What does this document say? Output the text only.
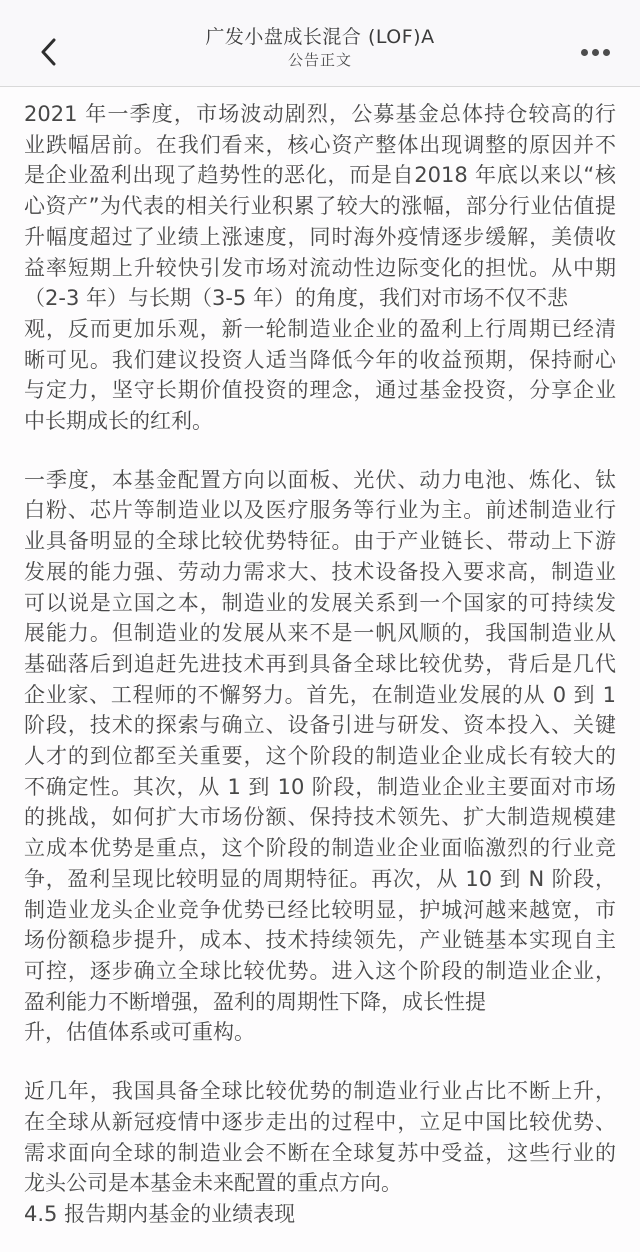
广发小盘成长混合 (LOF)A
公告正文
2021 年一季度，市场波动剧烈，公募基金总体持仓较高的行
业跌幅居前。在我们看来，核心资产整体出现调整的原因并不
是企业盈利出现了趋势性的恶化，而是自2018 年底以来以“核
心资产”为代表的相关行业积累了较大的涨幅，部分行业估值提
升幅度超过了业绩上涨速度，同时海外疫情逐步缓解，美债收
益率短期上升较快引发市场对流动性边际变化的担忧。从中期
（2-3 年）与长期（3-5 年）的角度，我们对市场不仅不悲
观，反而更加乐观，新一轮制造业企业的盈利上行周期已经清
晰可见。我们建议投资人适当降低今年的收益预期，保持耐心
与定力，坚守长期价值投资的理念，通过基金投资，分享企业
中长期成长的红利。
一季度，本基金配置方向以面板、光伏、动力电池、炼化、钛
白粉、芯片等制造业以及医疗服务等行业为主。前述制造业行
业具备明显的全球比较优势特征。由于产业链长、带动上下游
发展的能力强、劳动力需求大、技术设备投入要求高，制造业
可以说是立国之本，制造业的发展关系到一个国家的可持续发
展能力。但制造业的发展从来不是一帆风顺的，我国制造业从
基础落后到追赶先进技术再到具备全球比较优势，背后是几代
企业家、工程师的不懈努力。首先，在制造业发展的从 0 到 1
阶段，技术的探索与确立、设备引进与研发、资本投入、关键
人才的到位都至关重要，这个阶段的制造业企业成长有较大的
不确定性。其次，从 1 到 10 阶段，制造业企业主要面对市场
的挑战，如何扩大市场份额、保持技术领先、扩大制造规模建
立成本优势是重点，这个阶段的制造业企业面临激烈的行业竞
争，盈利呈现比较明显的周期特征。再次，从 10 到 N 阶段，
制造业龙头企业竞争优势已经比较明显，护城河越来越宽，市
场份额稳步提升，成本、技术持续领先，产业链基本实现自主
可控，逐步确立全球比较优势。进入这个阶段的制造业企业，
盈利能力不断增强，盈利的周期性下降，成长性提
升，估值体系或可重构。
近几年，我国具备全球比较优势的制造业行业占比不断上升，
在全球从新冠疫情中逐步走出的过程中，立足中国比较优势、
需求面向全球的制造业会不断在全球复苏中受益，这些行业的
龙头公司是本基金未来配置的重点方向。
4.5 报告期内基金的业绩表现
